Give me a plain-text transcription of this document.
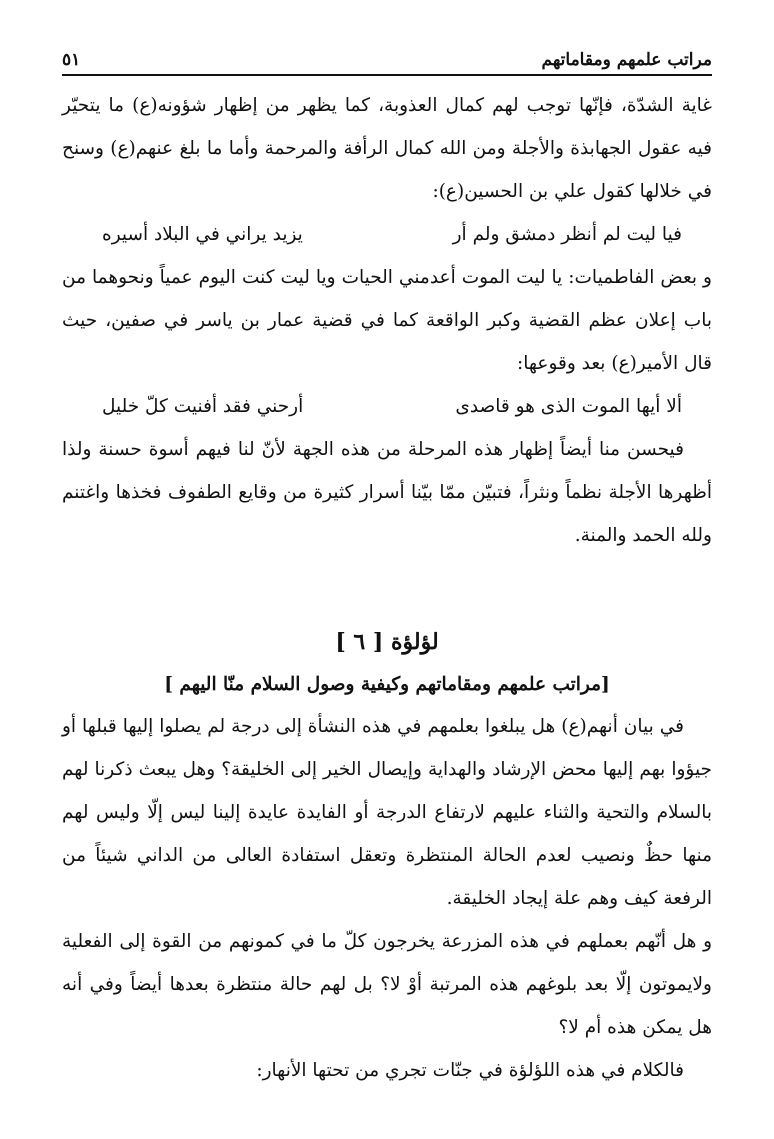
مراتب علمهم ومقاماتهم
٥١

غاية الشدّة، فإنّها توجب لهم كمال العذوبة، كما يظهر من إظهار شؤونه(ع) ما يتحيّر فيه عقول الجهابذة والأجلة ومن الله كمال الرأفة والمرحمة وأما ما بلغ عنهم(ع) وسنح في خلالها كقول علي بن الحسين(ع):

فيا ليت لم أنظر دمشق ولم أر
يزيد يراني في البلاد أسيره

و بعض الفاطميات: يا ليت الموت أعدمني الحيات ويا ليت كنت اليوم عمياً ونحوهما من باب إعلان عظم القضية وكبر الواقعة كما في قضية عمار بن ياسر في صفين، حيث قال الأمير(ع) بعد وقوعها:

ألا أيها الموت الذى هو قاصدى
أرحني فقد أفنيت كلّ خليل

فيحسن منا أيضاً إظهار هذه المرحلة من هذه الجهة لأنّ لنا فيهم أسوة حسنة ولذا أظهرها الأجلة نظماً ونثراً، فتبيّن ممّا بيّنا أسرار كثيرة من وقايع الطفوف فخذها واغتنم ولله الحمد والمنة.

لؤلؤة [ ٦ ]
[مراتب علمهم ومقاماتهم وكيفية وصول السلام منّا اليهم ]

في بيان أنهم(ع) هل يبلغوا بعلمهم في هذه النشأة إلى درجة لم يصلوا إليها قبلها أو جيؤوا بهم إليها محض الإرشاد والهداية وإيصال الخير إلى الخليقة؟ وهل يبعث ذكرنا لهم بالسلام والتحية والثناء عليهم لارتفاع الدرجة أو الفايدة عايدة إلينا ليس إلّا وليس لهم منها حظٌ ونصيب لعدم الحالة المنتظرة وتعقل استفادة العالى من الداني شيئاً من الرفعة كيف وهم علة إيجاد الخليقة.

و هل أنّهم بعملهم في هذه المزرعة يخرجون كلّ ما في كمونهم من القوة إلى الفعلية ولايموتون إلّا بعد بلوغهم هذه المرتبة أوْ لا؟ بل لهم حالة منتظرة بعدها أيضاً وفي أنه هل يمكن هذه أم لا؟

فالكلام في هذه اللؤلؤة في جنّات تجري من تحتها الأنهار:
